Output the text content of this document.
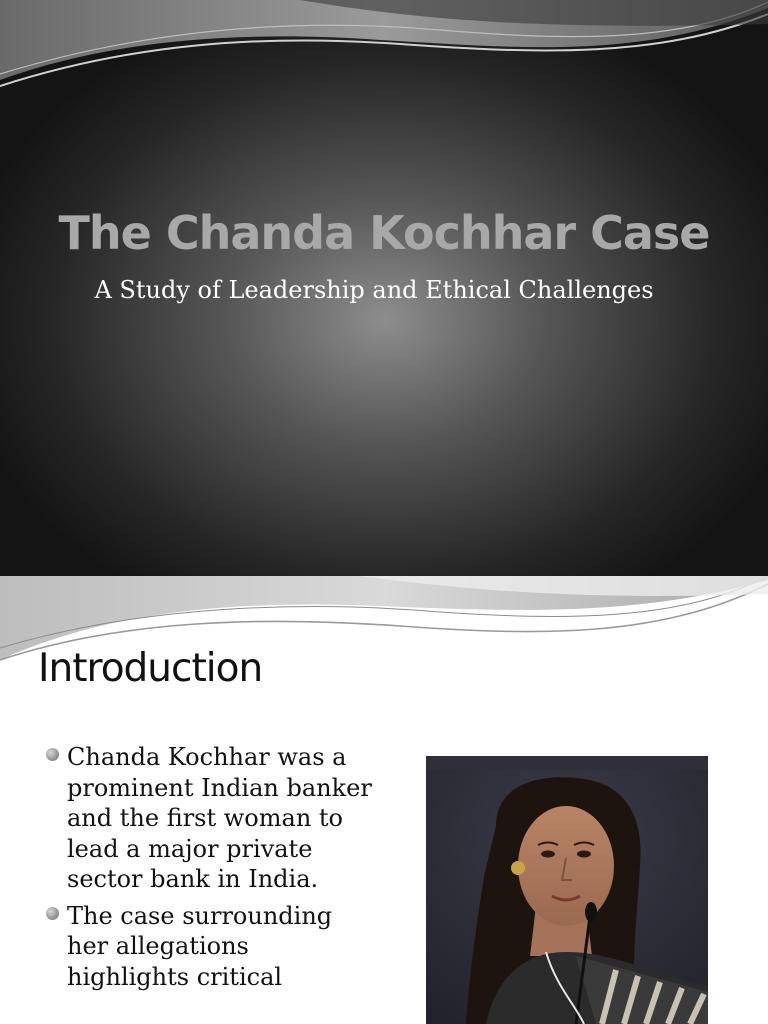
The Chanda Kochhar Case

A Study of Leadership and Ethical Challenges

Introduction
Chanda Kochhar was a prominent Indian banker and the first woman to lead a major private sector bank in India.
The case surrounding her allegations highlights critical
